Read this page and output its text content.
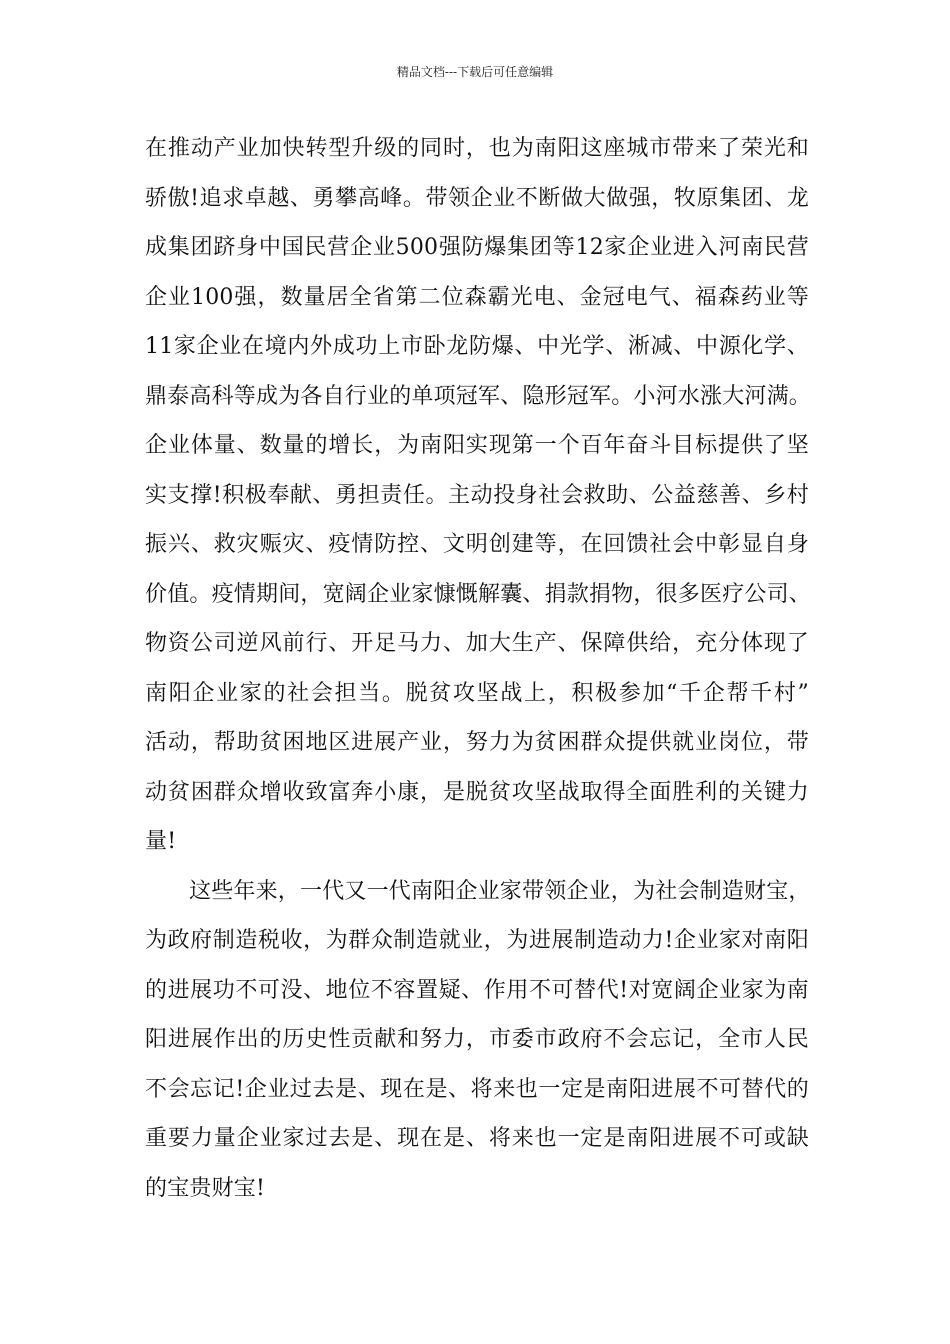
精品文档---下载后可任意编辑

在推动产业加快转型升级的同时，也为南阳这座城市带来了荣光和
骄傲!追求卓越、勇攀高峰。带领企业不断做大做强，牧原集团、龙
成集团跻身中国民营企业500强防爆集团等12家企业进入河南民营
企业100强，数量居全省第二位森霸光电、金冠电气、福森药业等
11家企业在境内外成功上市卧龙防爆、中光学、淅减、中源化学、
鼎泰高科等成为各自行业的单项冠军、隐形冠军。小河水涨大河满。
企业体量、数量的增长，为南阳实现第一个百年奋斗目标提供了坚
实支撑!积极奉献、勇担责任。主动投身社会救助、公益慈善、乡村
振兴、救灾赈灾、疫情防控、文明创建等，在回馈社会中彰显自身
价值。疫情期间，宽阔企业家慷慨解囊、捐款捐物，很多医疗公司、
物资公司逆风前行、开足马力、加大生产、保障供给，充分体现了
南阳企业家的社会担当。脱贫攻坚战上，积极参加“千企帮千村”
活动，帮助贫困地区进展产业，努力为贫困群众提供就业岗位，带
动贫困群众增收致富奔小康，是脱贫攻坚战取得全面胜利的关键力
量!

这些年来，一代又一代南阳企业家带领企业，为社会制造财宝，
为政府制造税收，为群众制造就业，为进展制造动力!企业家对南阳
的进展功不可没、地位不容置疑、作用不可替代!对宽阔企业家为南
阳进展作出的历史性贡献和努力，市委市政府不会忘记，全市人民
不会忘记!企业过去是、现在是、将来也一定是南阳进展不可替代的
重要力量企业家过去是、现在是、将来也一定是南阳进展不可或缺
的宝贵财宝!
